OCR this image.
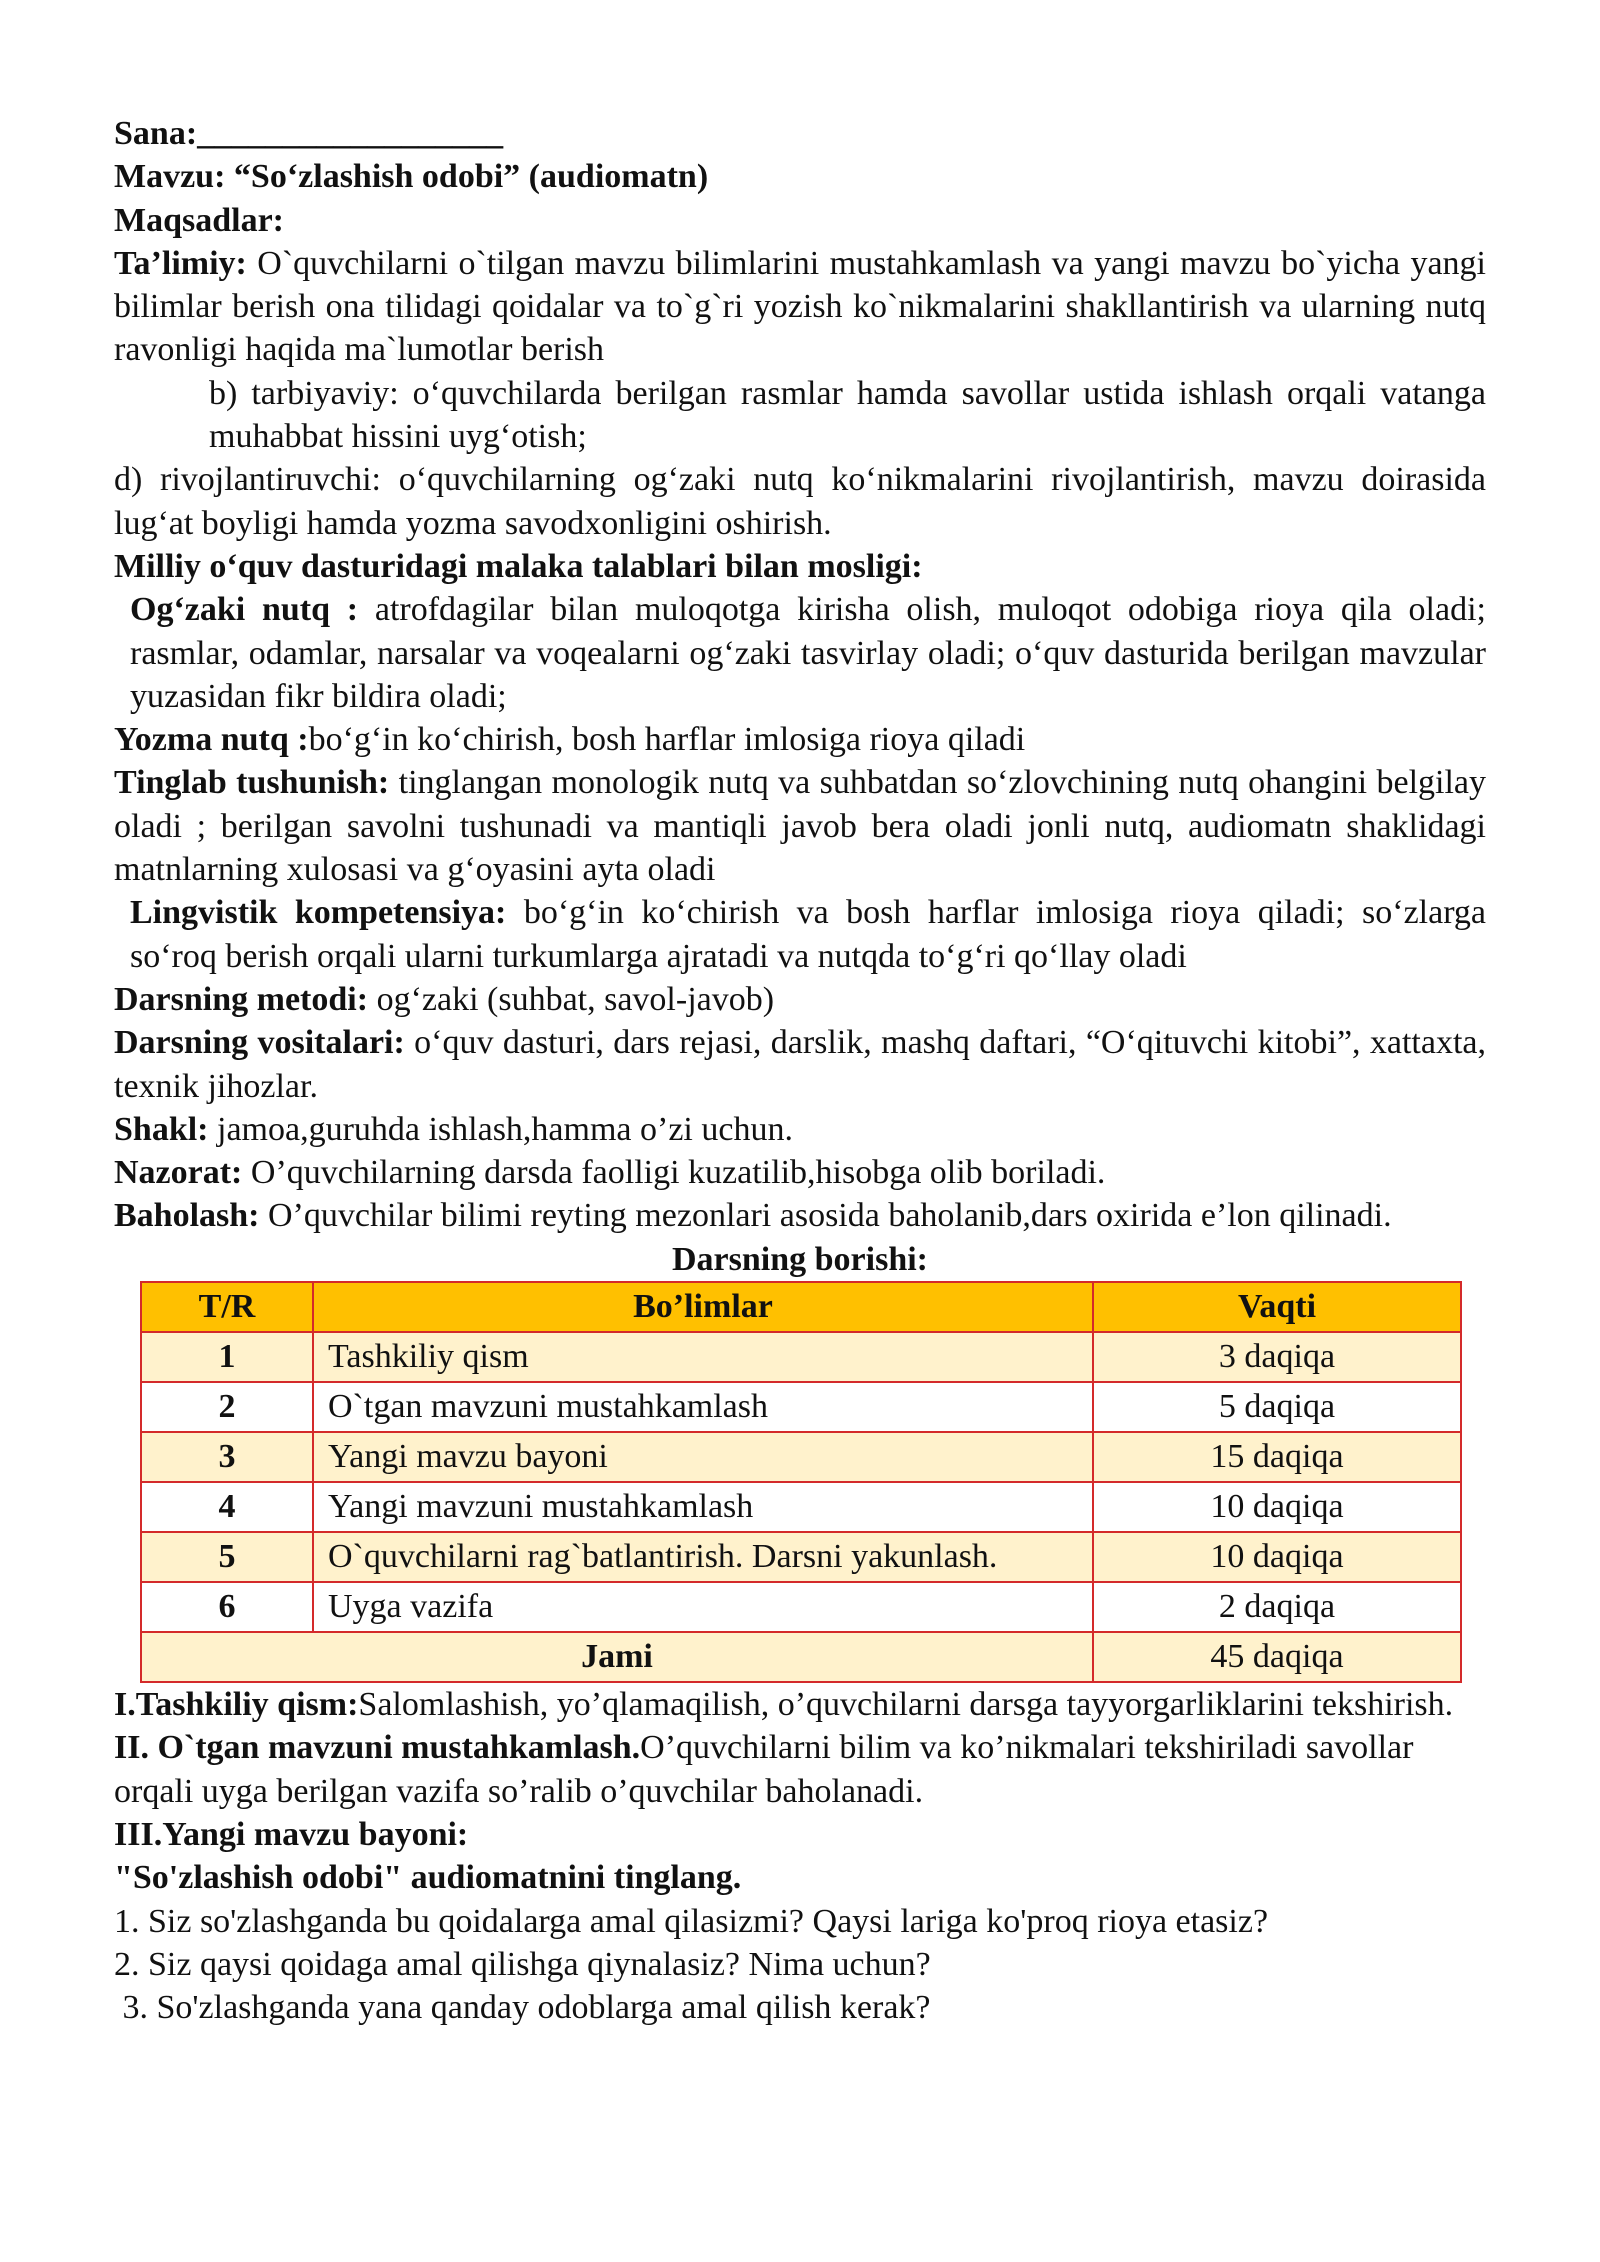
Sana:__________________

Mavzu: “So‘zlashish odobi” (audiomatn)

Maqsadlar:

Ta’limiy: O`quvchilarni o`tilgan mavzu bilimlarini mustahkamlash va yangi mavzu bo`yicha yangi bilimlar berish ona tilidagi qoidalar va to`g`ri yozish ko`nikmalarini shakllantirish va ularning nutq ravonligi haqida ma`lumotlar berish

b) tarbiyaviy: o‘quvchilarda berilgan rasmlar hamda savollar ustida ishlash orqali vatanga muhabbat hissini uyg‘otish;

d) rivojlantiruvchi: o‘quvchilarning og‘zaki nutq ko‘nikmalarini rivojlantirish, mavzu doirasida lug‘at boyligi hamda yozma savodxonligini oshirish.

Milliy o‘quv dasturidagi malaka talablari bilan mosligi:

Og‘zaki nutq : atrofdagilar bilan muloqotga kirisha olish, muloqot odobiga rioya qila oladi; rasmlar, odamlar, narsalar va voqealarni og‘zaki tasvirlay oladi; o‘quv dasturida berilgan mavzular yuzasidan fikr bildira oladi;

Yozma nutq :bo‘g‘in ko‘chirish, bosh harflar imlosiga rioya qiladi

Tinglab tushunish: tinglangan monologik nutq va suhbatdan so‘zlovchining nutq ohangini belgilay oladi ; berilgan savolni tushunadi va mantiqli javob bera oladi jonli nutq, audiomatn shaklidagi matnlarning xulosasi va g‘oyasini ayta oladi

Lingvistik kompetensiya: bo‘g‘in ko‘chirish va bosh harflar imlosiga rioya qiladi; so‘zlarga so‘roq berish orqali ularni turkumlarga ajratadi va nutqda to‘g‘ri qo‘llay oladi

Darsning metodi: og‘zaki (suhbat, savol-javob)

Darsning vositalari: o‘quv dasturi, dars rejasi, darslik, mashq daftari, “O‘qituvchi kitobi”, xattaxta, texnik jihozlar.

Shakl: jamoa,guruhda ishlash,hamma o’zi uchun.

Nazorat: O’quvchilarning darsda faolligi kuzatilib,hisobga olib boriladi.

Baholash: O’quvchilar bilimi reyting mezonlari asosida baholanib,dars oxirida e’lon qilinadi.

Darsning borishi:

T/R	Bo’limlar	Vaqti
1	Tashkiliy qism	3 daqiqa
2	O`tgan mavzuni mustahkamlash	5 daqiqa
3	Yangi mavzu bayoni	15 daqiqa
4	Yangi mavzuni mustahkamlash	10 daqiqa
5	O`quvchilarni rag`batlantirish. Darsni yakunlash.	10 daqiqa
6	Uyga vazifa	2 daqiqa
Jami		45 daqiqa

I.Tashkiliy qism:Salomlashish, yo’qlamaqilish, o’quvchilarni darsga tayyorgarliklarini tekshirish.

II. O`tgan mavzuni mustahkamlash.O’quvchilarni bilim va ko’nikmalari tekshiriladi savollar orqali uyga berilgan vazifa so’ralib o’quvchilar baholanadi.

III.Yangi mavzu bayoni:

"So'zlashish odobi" audiomatnini tinglang.

1. Siz so'zlashganda bu qoidalarga amal qilasizmi? Qaysi lariga ko'proq rioya etasiz?

2. Siz qaysi qoidaga amal qilishga qiynalasiz? Nima uchun?

3. So'zlashganda yana qanday odoblarga amal qilish kerak?
